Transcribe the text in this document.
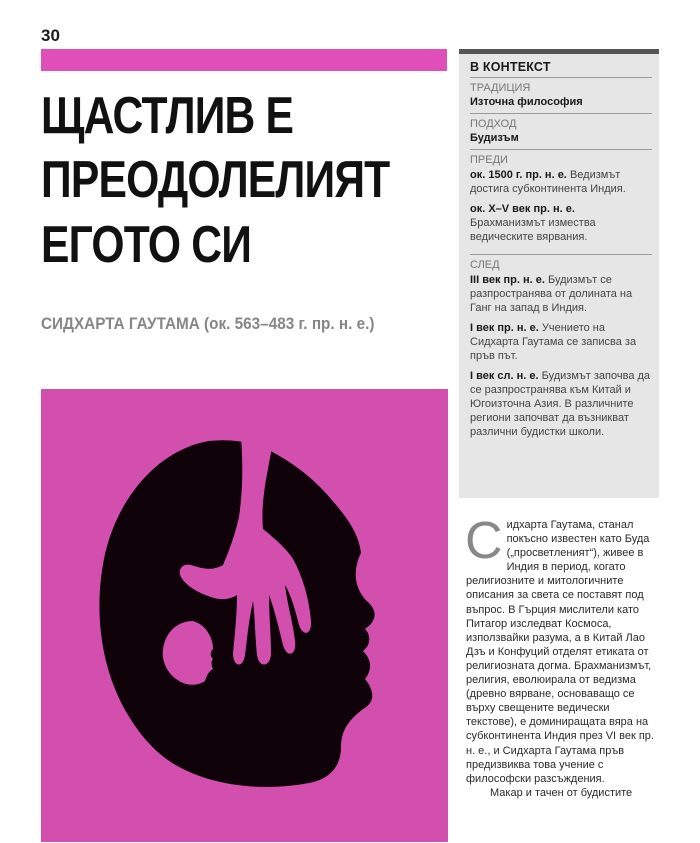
30
ЩАСТЛИВ Е
ПРЕОДОЛЕЛИЯТ
ЕГОТО СИ
СИДХАРТА ГАУТАМА (ок. 563–483 г. пр. н. е.)
В КОНТЕКСТ
ТРАДИЦИЯ
Източна философия
ПОДХОД
Будизъм
ПРЕДИ
ок. 1500 г. пр. н. е. Ведизмът достига субконтинента Индия.
ок. X–V век пр. н. е. Брахманизмът измества ведическите вярвания.
СЛЕД
III век пр. н. е. Будизмът се разпространява от долината на Ганг на запад в Индия.
I век пр. н. е. Учението на Сидхарта Гаутама се записва за пръв път.
I век сл. н. е. Будизмът започва да се разпространява към Китай и Югоизточна Азия. В различните региони започват да възникват различни будистки школи.
С идхарта Гаутама, станал покъсно известен като Буда („просветленият“), живее в Индия в период, когато религиозните и митологичните описания за света се поставят под въпрос. В Гърция мислители като Питагор изследват Космоса, използвайки разума, а в Китай Лао Дзъ и Конфуций отделят етиката от религиозната догма. Брахманизмът, религия, еволюирала от ведизма (древно вярване, основаващо се върху свещените ведически текстове), е доминиращата вяра на субконтинента Индия през VI век пр. н. е., и Сидхарта Гаутама пръв предизвиква това учение с философски разсъждения.

Макар и тачен от будистите
